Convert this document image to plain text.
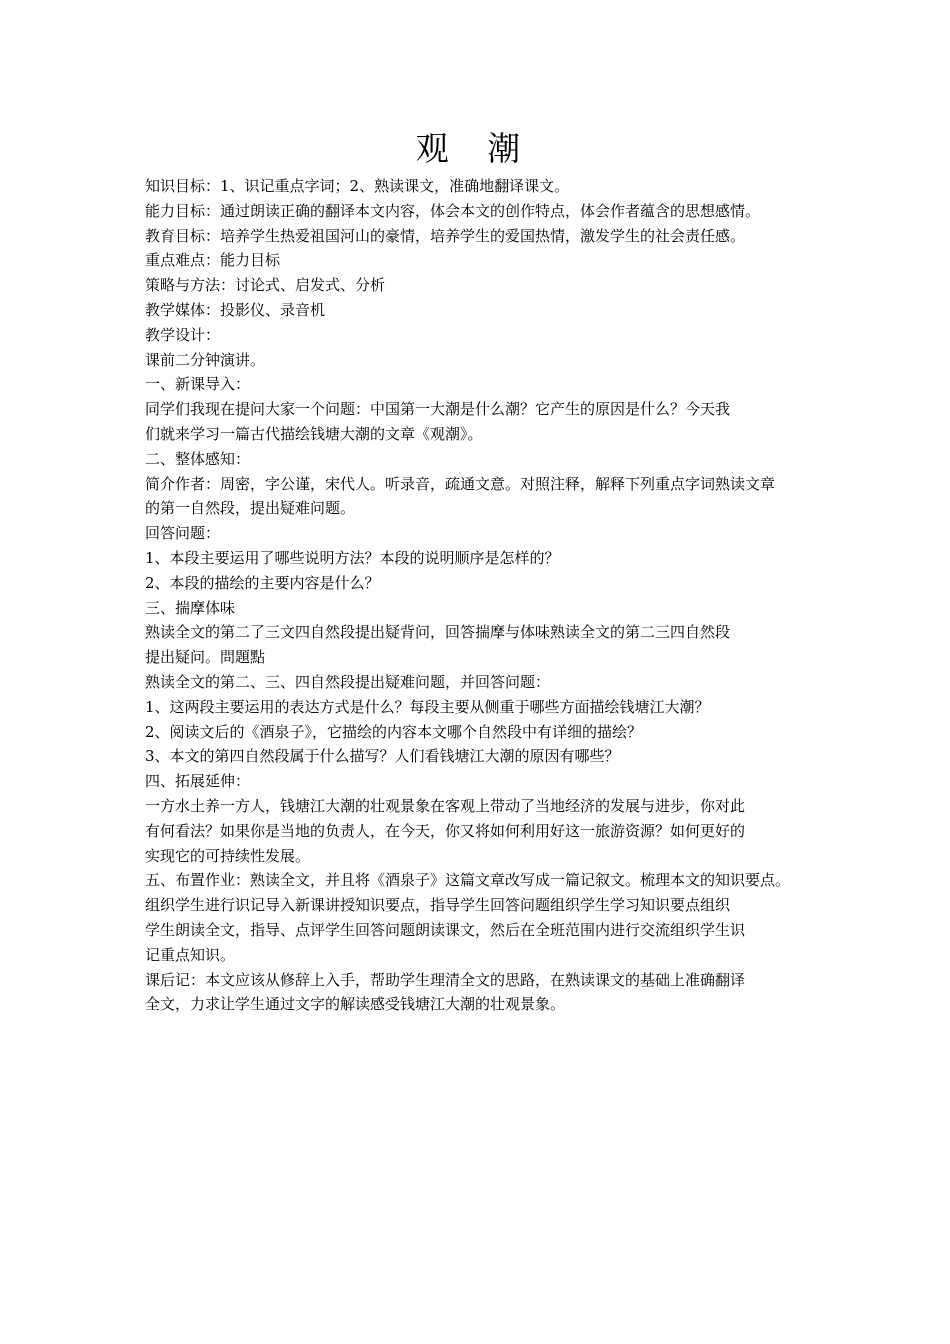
观 潮
知识目标：1、识记重点字词；2、熟读课文，准确地翻译课文。
能力目标：通过朗读正确的翻译本文内容，体会本文的创作特点，体会作者蕴含的思想感情。
教育目标：培养学生热爱祖国河山的豪情，培养学生的爱国热情，激发学生的社会责任感。
重点难点：能力目标
策略与方法：讨论式、启发式、分析
教学媒体：投影仪、录音机
教学设计：
课前二分钟演讲。
一、新课导入：
同学们我现在提问大家一个问题：中国第一大潮是什么潮？它产生的原因是什么？今天我
们就来学习一篇古代描绘钱塘大潮的文章《观潮》。
二、整体感知：
简介作者：周密，字公谨，宋代人。听录音，疏通文意。对照注释，解释下列重点字词熟读文章
的第一自然段，提出疑难问题。
回答问题：
1、本段主要运用了哪些说明方法？本段的说明顺序是怎样的？
2、本段的描绘的主要内容是什么？
三、揣摩体味
熟读全文的第二了三文四自然段提出疑背问，回答揣摩与体味熟读全文的第二三四自然段
提出疑问。問題點
熟读全文的第二、三、四自然段提出疑难问题，并回答问题：
1、这两段主要运用的表达方式是什么？每段主要从侧重于哪些方面描绘钱塘江大潮？
2、阅读文后的《酒泉子》，它描绘的内容本文哪个自然段中有详细的描绘？
3、本文的第四自然段属于什么描写？人们看钱塘江大潮的原因有哪些？
四、拓展延伸：
一方水土养一方人，钱塘江大潮的壮观景象在客观上带动了当地经济的发展与进步，你对此
有何看法？如果你是当地的负责人，在今天，你又将如何利用好这一旅游资源？如何更好的
实现它的可持续性发展。
五、布置作业：熟读全文，并且将《酒泉子》这篇文章改写成一篇记叙文。梳理本文的知识要点。
组织学生进行识记导入新课讲授知识要点，指导学生回答问题组织学生学习知识要点组织
学生朗读全文，指导、点评学生回答问题朗读课文，然后在全班范围内进行交流组织学生识
记重点知识。
课后记：本文应该从修辞上入手，帮助学生理清全文的思路，在熟读课文的基础上准确翻译
全文，力求让学生通过文字的解读感受钱塘江大潮的壮观景象。
